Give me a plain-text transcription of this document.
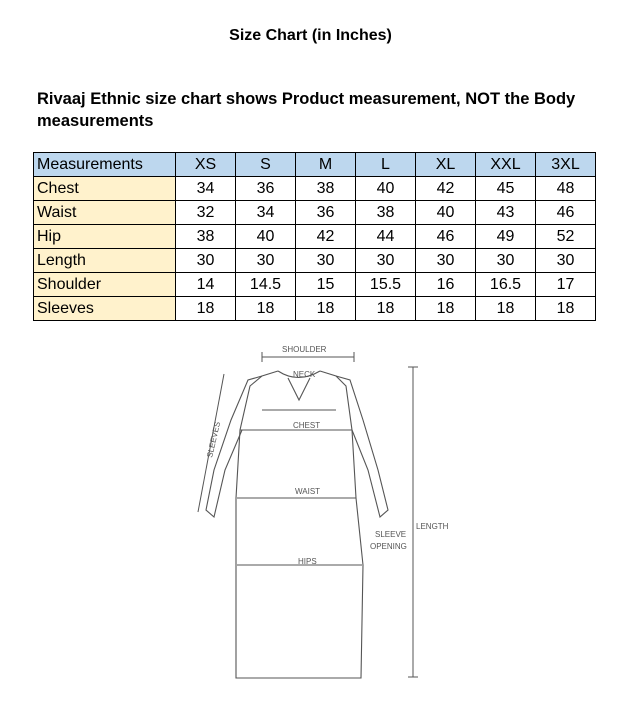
Size Chart (in Inches)
Rivaaj Ethnic size chart shows Product measurement, NOT the Body measurements
Measurements	XS	S	M	L	XL	XXL	3XL
Chest	34	36	38	40	42	45	48
Waist	32	34	36	38	40	43	46
Hip	38	40	42	44	46	49	52
Length	30	30	30	30	30	30	30
Shoulder	14	14.5	15	15.5	16	16.5	17
Sleeves	18	18	18	18	18	18	18
SHOULDER
NECK
CHEST
WAIST
HIPS
SLEEVES
SLEEVE
OPENING
LENGTH
